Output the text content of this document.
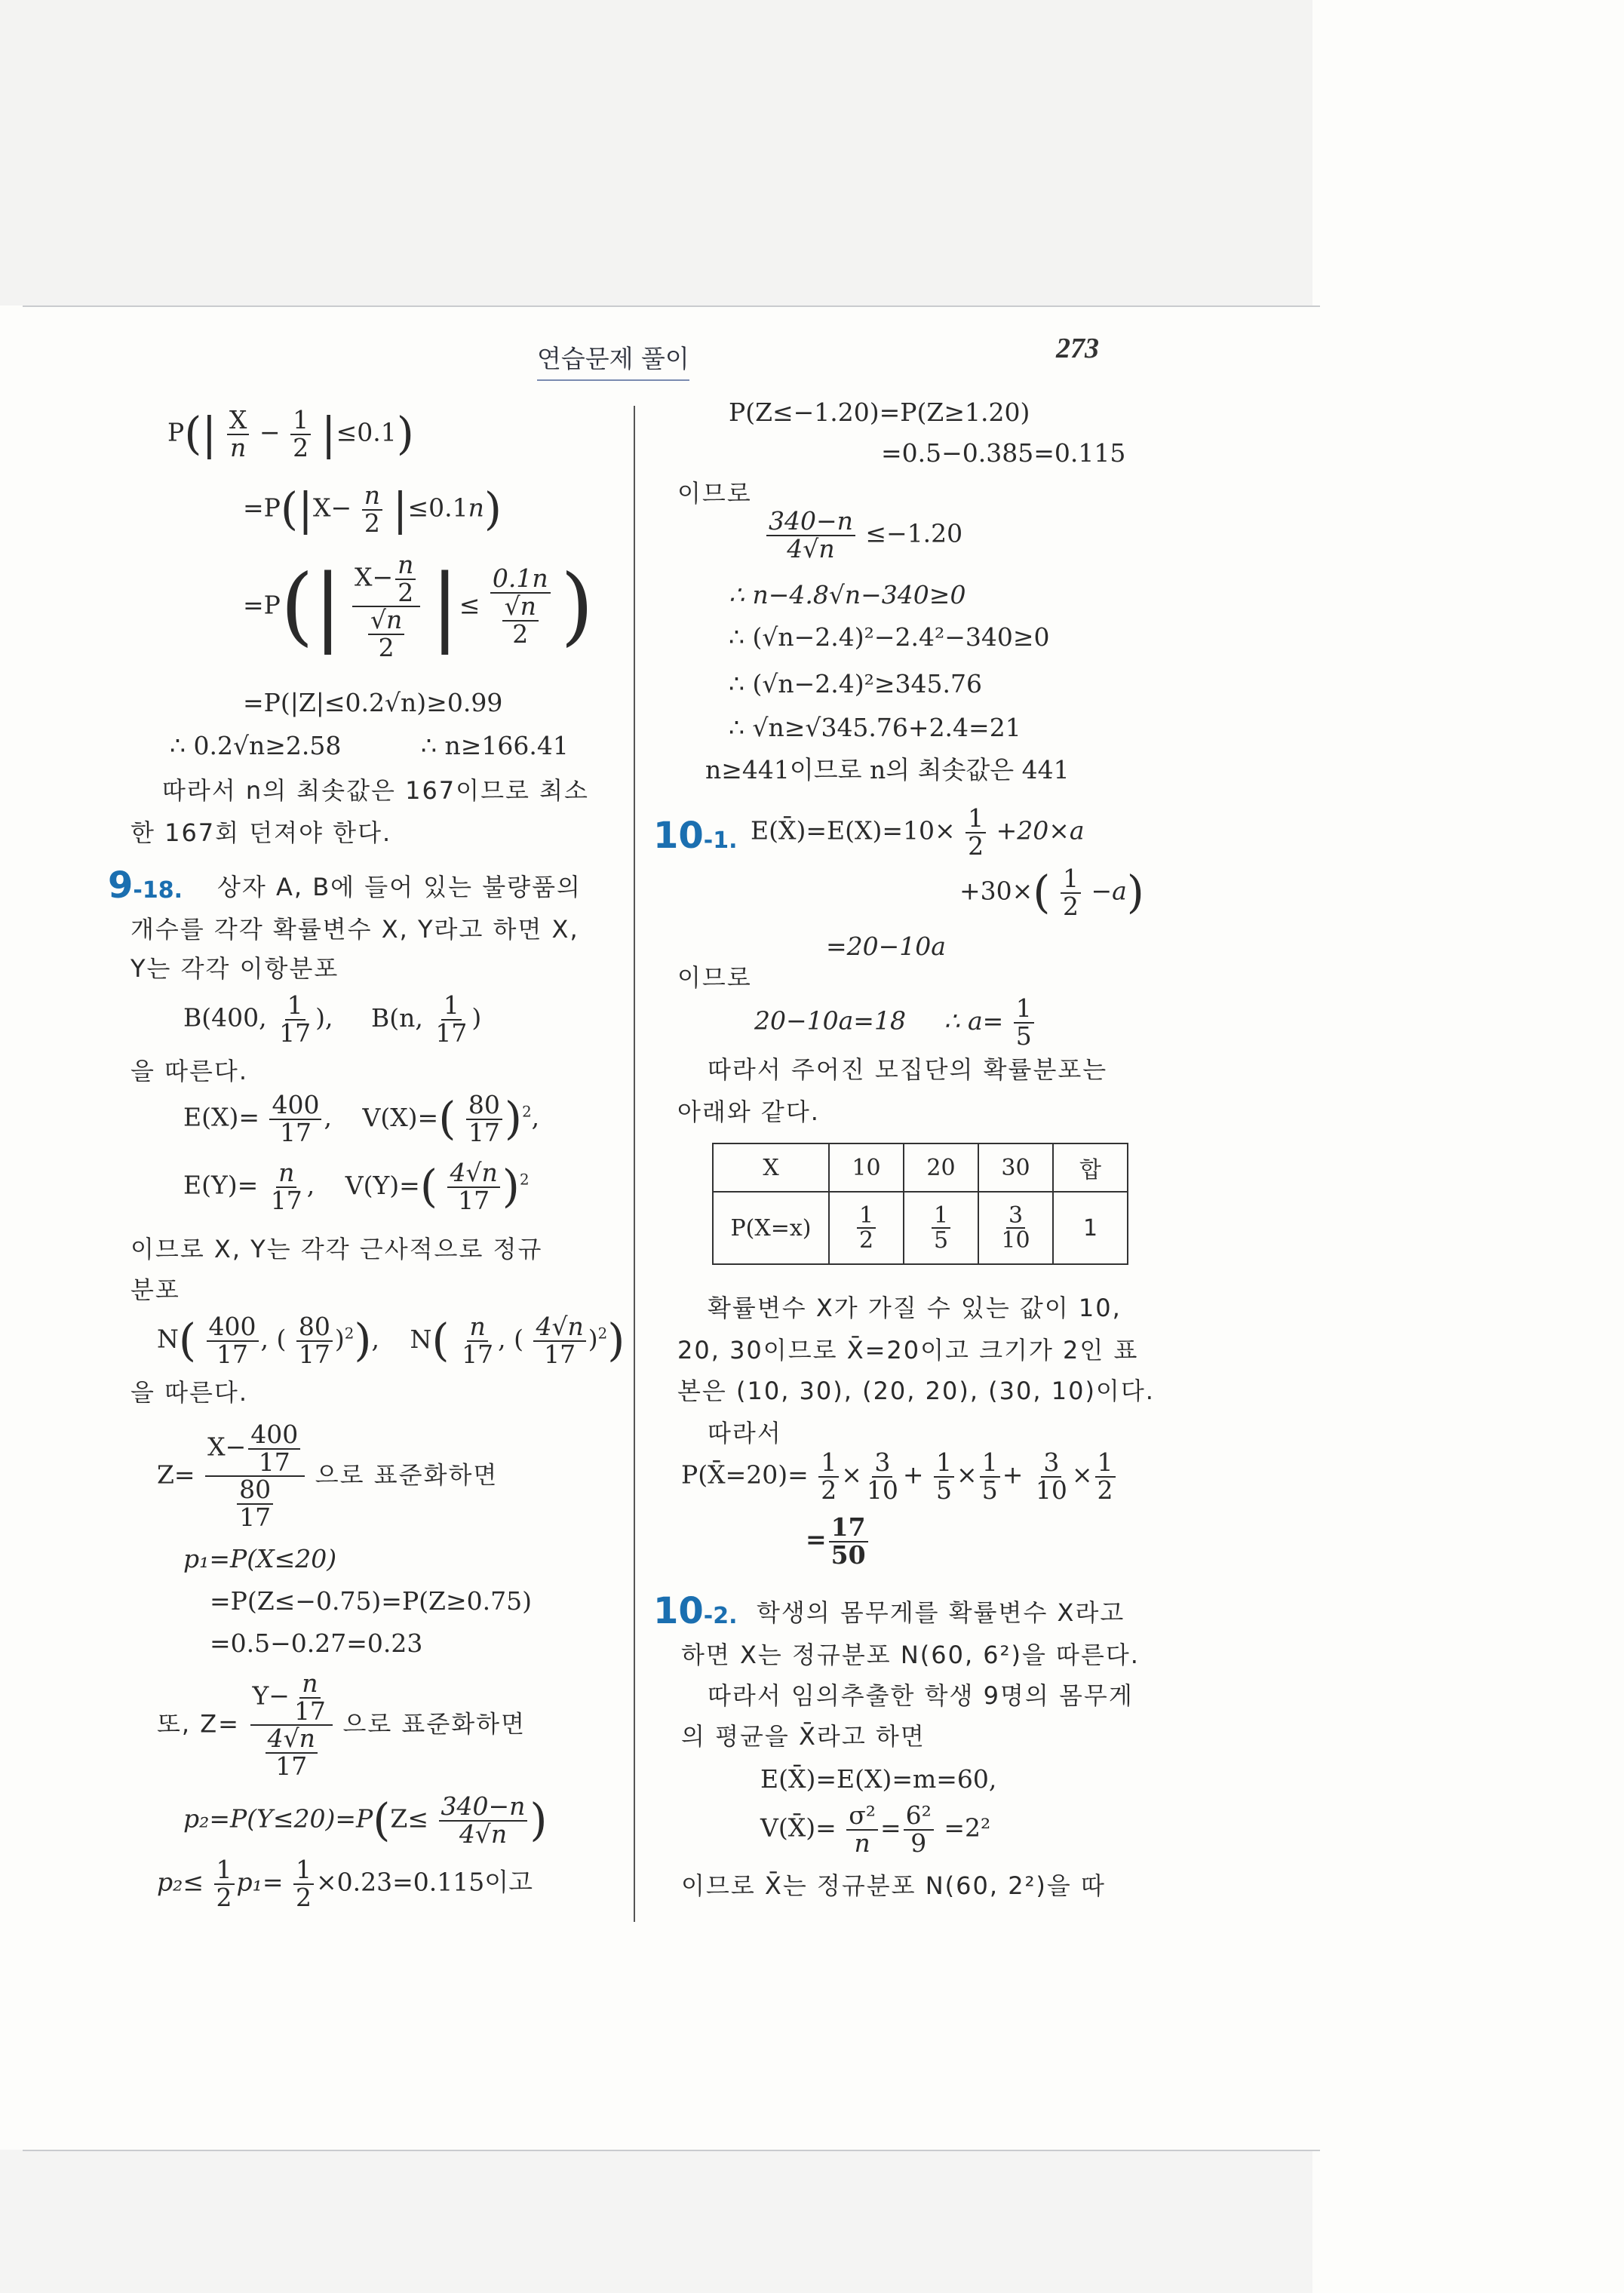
연습문제 풀이	273
$P(| \frac{X}{n} - \frac{1}{2} |\le 0.1)$
$=P(|X- \frac{n}{2} |\le 0.1n)$
$=P(| \frac{X- \frac{n}{2}}{\frac{√n}{2}}$ |≤ $\frac{0.1n}{\frac{√n}{2}}$ )
=P(|Z|≤0.2√n)≥0.99
∴ 0.2√n≥2.58	∴ n≥166.41
따라서 n의 최솟값은 167이므로 최소
한 167회 던져야 한다.
9-18. 상자 A, B에 들어 있는 불량품의
개수를 각각 확률변수 X, Y라고 하면 X,
Y는 각각 이항분포
B(400, $\frac{1}{17}$ ), B(n, $\frac{1}{17}$ )
을 따른다.
$E(X)= \frac{400}{17}$ , $V(X)=( \frac{80}{17} )^2$,
$E(Y)= \frac{n}{17}$ , $V(Y)=( \frac{4√n}{17} )^2$
이므로 X, Y는 각각 근사적으로 정규
분포
$N( \frac{400}{17}$ , ( $\frac{80}{17} )^2$), $N( \frac{n}{17}$ , ( $\frac{4√n}{17} )^2$)
을 따른다.
$Z= \frac{X- \frac{400}{17}}{\frac{80}{17}}$ 으로 표준화하면
p₁=P(X≤20)
=P(Z≤−0.75)=P(Z≥0.75)
=0.5−0.27=0.23
또, $Z= \frac{Y- \frac{n}{17}}{\frac{4√n}{17}}$ 으로 표준화하면
$p_2=P(Y\le 20)=P(Z\le \frac{340-n}{4√n}$ )
$p_2\le \frac{1}{2} p_1= \frac{1}{2} \times 0.23=0.115$이고
P(Z≤−1.20)=P(Z≥1.20)
=0.5−0.385=0.115
이므로
$\frac{340-n}{4√n} \le-1.20$
∴ n−4.8√n−340≥0
∴ (√n−2.4)²−2.4²−340≥0
∴ (√n−2.4)²≥345.76
∴ √n≥√345.76+2.4=21
n≥441이므로 n의 최솟값은 441
10-1. E(X̄)=E(X)=10× $\frac{1}{2} +20\times a$
$+30\times( \frac{1}{2} -a)$
=20−10a
이므로
20−10a=18 ∴ $a= \frac{1}{5}$
따라서 주어진 모집단의 확률분포는
아래와 같다.
X	10	20	30	합
P(X=x)	$\frac{1}{2}$	$\frac{1}{5}$	$\frac{3}{10}$	1
확률변수 X가 가질 수 있는 값이 10,
20, 30이므로 X̄=20이고 크기가 2인 표
본은 (10, 30), (20, 20), (30, 10)이다.
따라서
P(X̄=20)= $\frac{1}{2} \times \frac{3}{10} + \frac{1}{5} \times \frac{1}{5} + \frac{3}{10} \times \frac{1}{2}$
= $\frac{17}{50}$
10-2. 학생의 몸무게를 확률변수 X라고
하면 X는 정규분포 N(60, 6²)을 따른다.
따라서 임의추출한 학생 9명의 몸무게
의 평균을 X̄라고 하면
E(X̄)=E(X)=m=60,
V(X̄)= $\frac{\text{σ²}}{n} = \frac{\text{6²}}{9} =2^2$
이므로 X̄는 정규분포 N(60, 2²)을 따
